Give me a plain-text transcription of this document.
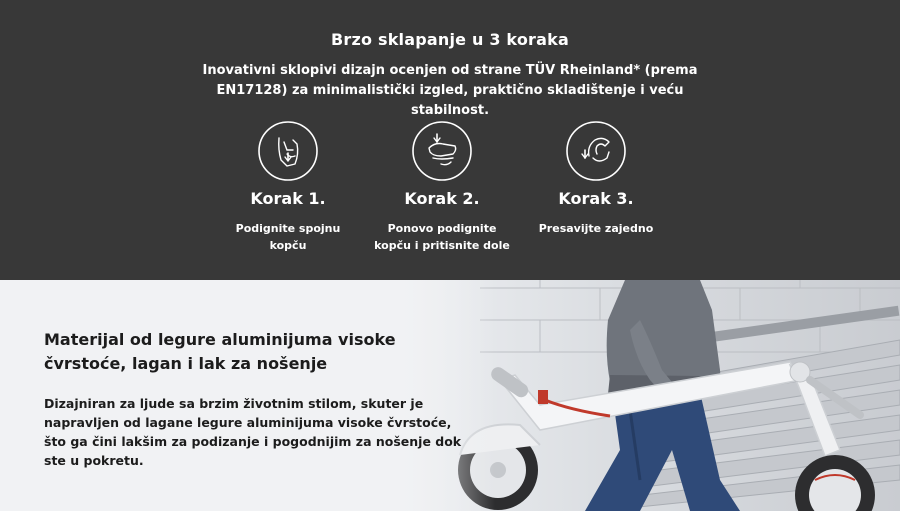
Brzo sklapanje u 3 koraka

Inovativni sklopivi dizajn ocenjen od strane TÜV Rheinland* (prema EN17128) za minimalistički izgled, praktično skladištenje i veću stabilnost.

Korak 1.
Podignite spojnu kopču
Korak 2.
Ponovo podignite kopču i pritisnite dole
Korak 3.
Presavijte zajedno
Materijal od legure aluminijuma visoke čvrstoće, lagan i lak za nošenje

Dizajniran za ljude sa brzim životnim stilom, skuter je napravljen od lagane legure aluminijuma visoke čvrstoće, što ga čini lakšim za podizanje i pogodnijim za nošenje dok ste u pokretu.
